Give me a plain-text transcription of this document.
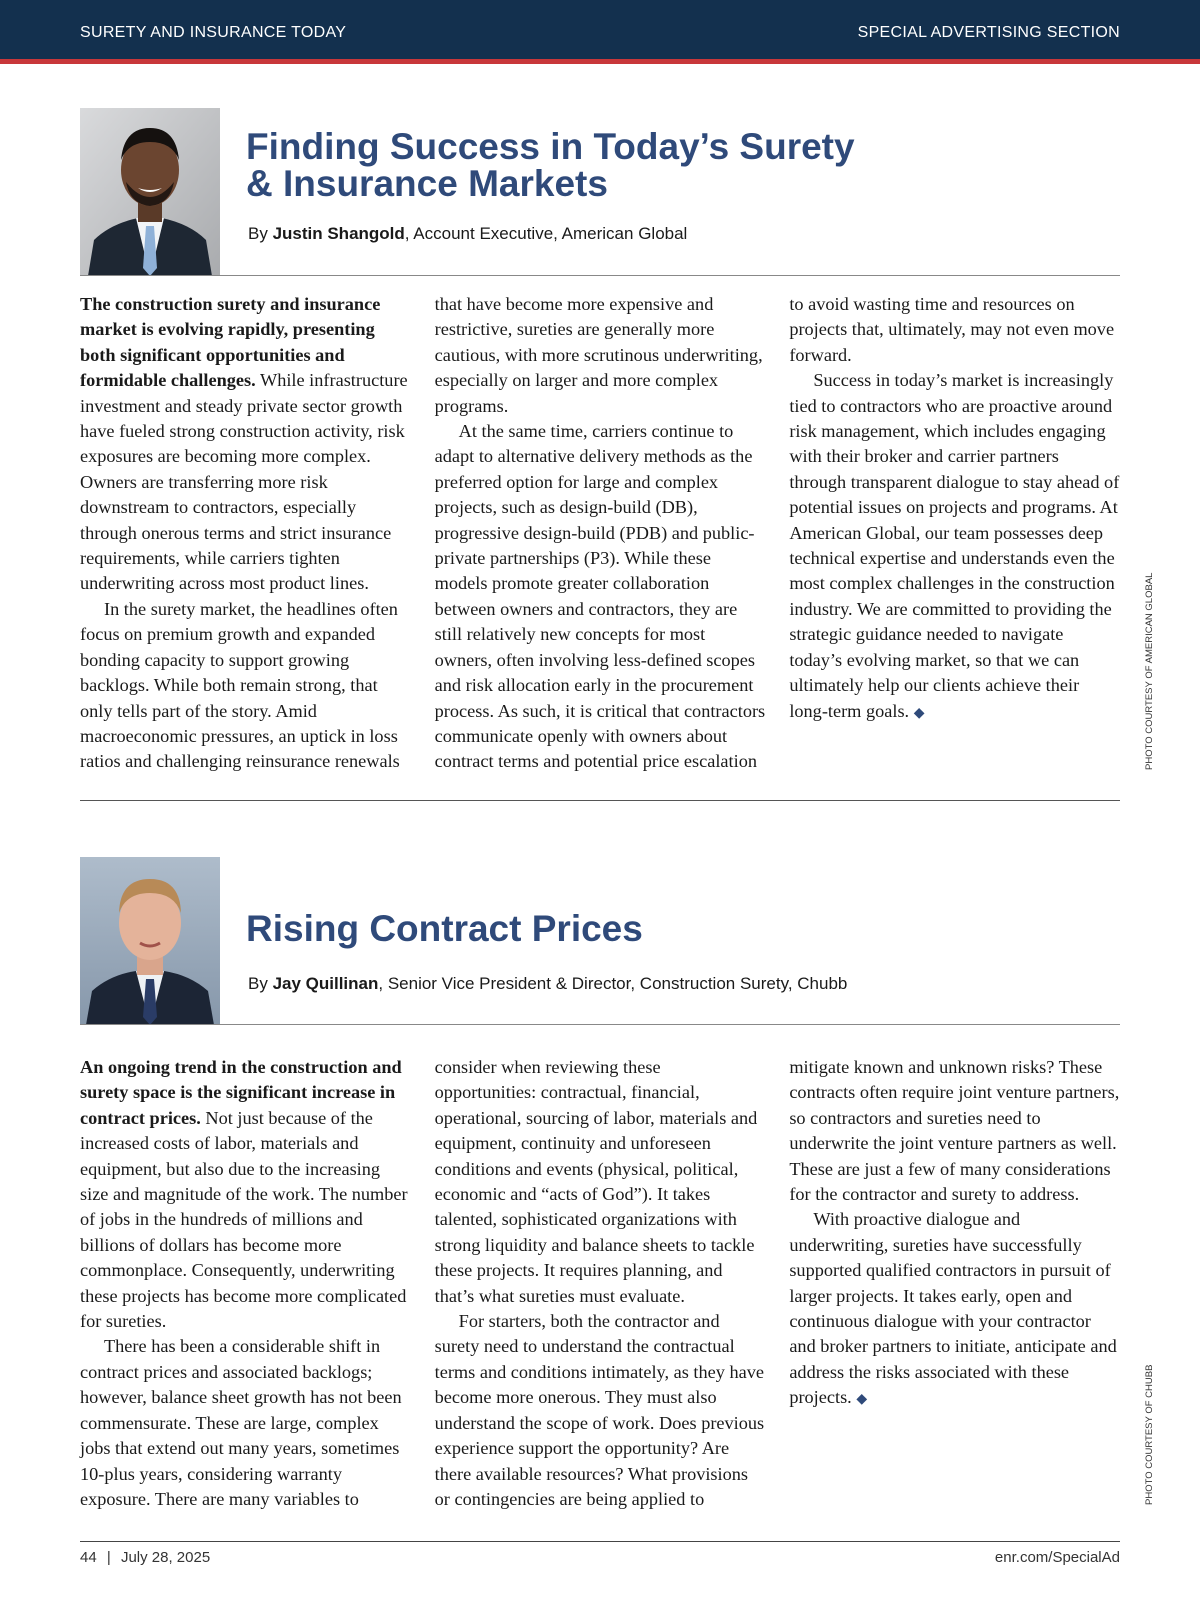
SURETY AND INSURANCE TODAY	SPECIAL ADVERTISING SECTION
Finding Success in Today’s Surety
& Insurance Markets

By Justin Shangold, Account Executive, American Global

The construction surety and insurance market is evolving rapidly, presenting both significant opportunities and formidable challenges. While infrastructure investment and steady private sector growth have fueled strong construction activity, risk exposures are becoming more complex. Owners are transferring more risk downstream to contractors, especially through onerous terms and strict insurance requirements, while carriers tighten underwriting across most product lines.

In the surety market, the headlines often focus on premium growth and expanded bonding capacity to support growing backlogs. While both remain strong, that only tells part of the story. Amid macroeconomic pressures, an uptick in loss ratios and challenging reinsurance renewals that have become more expensive and restrictive, sureties are generally more cautious, with more scrutinous underwriting, especially on larger and more complex programs.

At the same time, carriers continue to adapt to alternative delivery methods as the preferred option for large and complex projects, such as design-build (DB), progressive design-build (PDB) and public-private partnerships (P3). While these models promote greater collaboration between owners and contractors, they are still relatively new concepts for most owners, often involving less-defined scopes and risk allocation early in the procurement process. As such, it is critical that contractors communicate openly with owners about contract terms and potential price escalation to avoid wasting time and resources on projects that, ultimately, may not even move forward.

Success in today’s market is increasingly tied to contractors who are proactive around risk management, which includes engaging with their broker and carrier partners through transparent dialogue to stay ahead of potential issues on projects and programs. At American Global, our team possesses deep technical expertise and understands even the most complex challenges in the construction industry. We are committed to providing the strategic guidance needed to navigate today’s evolving market, so that we can ultimately help our clients achieve their long-term goals. ◆	PHOTO COURTESY OF AMERICAN GLOBAL
Rising Contract Prices

By Jay Quillinan, Senior Vice President & Director, Construction Surety, Chubb

An ongoing trend in the construction and surety space is the significant increase in contract prices. Not just because of the increased costs of labor, materials and equipment, but also due to the increasing size and magnitude of the work. The number of jobs in the hundreds of millions and billions of dollars has become more commonplace. Consequently, underwriting these projects has become more complicated for sureties.

There has been a considerable shift in contract prices and associated backlogs; however, balance sheet growth has not been commensurate. These are large, complex jobs that extend out many years, sometimes 10-plus years, considering warranty exposure. There are many variables to consider when reviewing these opportunities: contractual, financial, operational, sourcing of labor, materials and equipment, continuity and unforeseen conditions and events (physical, political, economic and “acts of God”). It takes talented, sophisticated organizations with strong liquidity and balance sheets to tackle these projects. It requires planning, and that’s what sureties must evaluate.

For starters, both the contractor and surety need to understand the contractual terms and conditions intimately, as they have become more onerous. They must also understand the scope of work. Does previous experience support the opportunity? Are there available resources? What provisions or contingencies are being applied to mitigate known and unknown risks? These contracts often require joint venture partners, so contractors and sureties need to underwrite the joint venture partners as well. These are just a few of many considerations for the contractor and surety to address.

With proactive dialogue and underwriting, sureties have successfully supported qualified contractors in pursuit of larger projects. It takes early, open and continuous dialogue with your contractor and broker partners to initiate, anticipate and address the risks associated with these projects. ◆	PHOTO COURTESY OF CHUBB
44 | July 28, 2025	enr.com/SpecialAd
